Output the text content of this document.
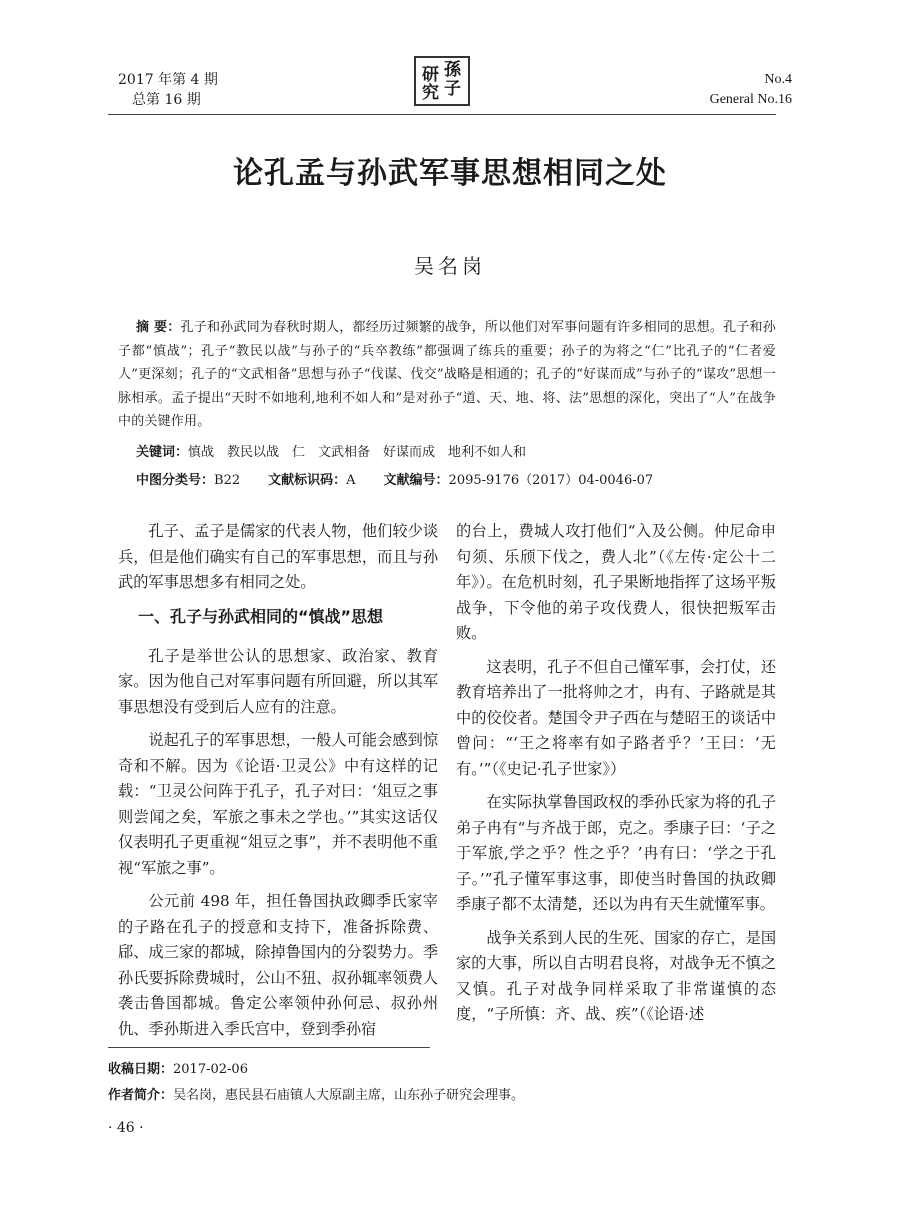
2017 年第 4 期
总第 16 期
研 孫
究 子	No.4
General No.16
论孔孟与孙武军事思想相同之处
吴名岗
摘 要：孔子和孙武同为春秋时期人，都经历过频繁的战争，所以他们对军事问题有许多相同的思想。孔子和孙子都“慎战”；孔子“教民以战”与孙子的“兵卒教练”都强调了练兵的重要；孙子的为将之“仁”比孔子的“仁者爱人”更深刻；孔子的“文武相备”思想与孙子“伐谋、伐交”战略是相通的；孔子的“好谋而成”与孙子的“谋攻”思想一脉相承。孟子提出“天时不如地利,地利不如人和”是对孙子“道、天、地、将、法”思想的深化，突出了“人”在战争中的关键作用。
关键词：慎战　教民以战　仁　文武相备　好谋而成　地利不如人和
中图分类号：B22 文献标识码：A 文献编号：2095-9176（2017）04-0046-07

孔子、孟子是儒家的代表人物，他们较少谈兵，但是他们确实有自己的军事思想，而且与孙武的军事思想多有相同之处。

一、孔子与孙武相同的“慎战”思想

孔子是举世公认的思想家、政治家、教育家。因为他自己对军事问题有所回避，所以其军事思想没有受到后人应有的注意。

说起孔子的军事思想，一般人可能会感到惊奇和不解。因为《论语·卫灵公》中有这样的记载：“卫灵公问阵于孔子，孔子对曰：‘俎豆之事则尝闻之矣，军旅之事未之学也。’”其实这话仅仅表明孔子更重视“俎豆之事”，并不表明他不重视“军旅之事”。

公元前 498 年，担任鲁国执政卿季氏家宰的子路在孔子的授意和支持下，准备拆除费、郈、成三家的都城，除掉鲁国内的分裂势力。季孙氏要拆除费城时，公山不狃、叔孙辄率领费人袭击鲁国都城。鲁定公率领仲孙何忌、叔孙州仇、季孙斯进入季氏宫中，登到季孙宿

的台上，费城人攻打他们“入及公侧。仲尼命申句须、乐颀下伐之，费人北”（《左传·定公十二年》）。在危机时刻，孔子果断地指挥了这场平叛战争，下令他的弟子攻伐费人，很快把叛军击败。

这表明，孔子不但自己懂军事，会打仗，还教育培养出了一批将帅之才，冉有、子路就是其中的佼佼者。楚国令尹子西在与楚昭王的谈话中曾问：“‘王之将率有如子路者乎？’王曰：‘无有。’”（《史记·孔子世家》）

在实际执掌鲁国政权的季孙氏家为将的孔子弟子冉有“与齐战于郎，克之。季康子曰：‘子之于军旅,学之乎？性之乎？’冉有曰：‘学之于孔子。’”孔子懂军事这事，即使当时鲁国的执政卿季康子都不太清楚，还以为冉有天生就懂军事。

战争关系到人民的生死、国家的存亡，是国家的大事，所以自古明君良将，对战争无不慎之又慎。孔子对战争同样采取了非常谨慎的态度，“子所慎：齐、战、疾”（《论语·述

收稿日期：2017-02-06
作者简介：吴名岗，惠民县石庙镇人大原副主席，山东孙子研究会理事。
· 46 ·
